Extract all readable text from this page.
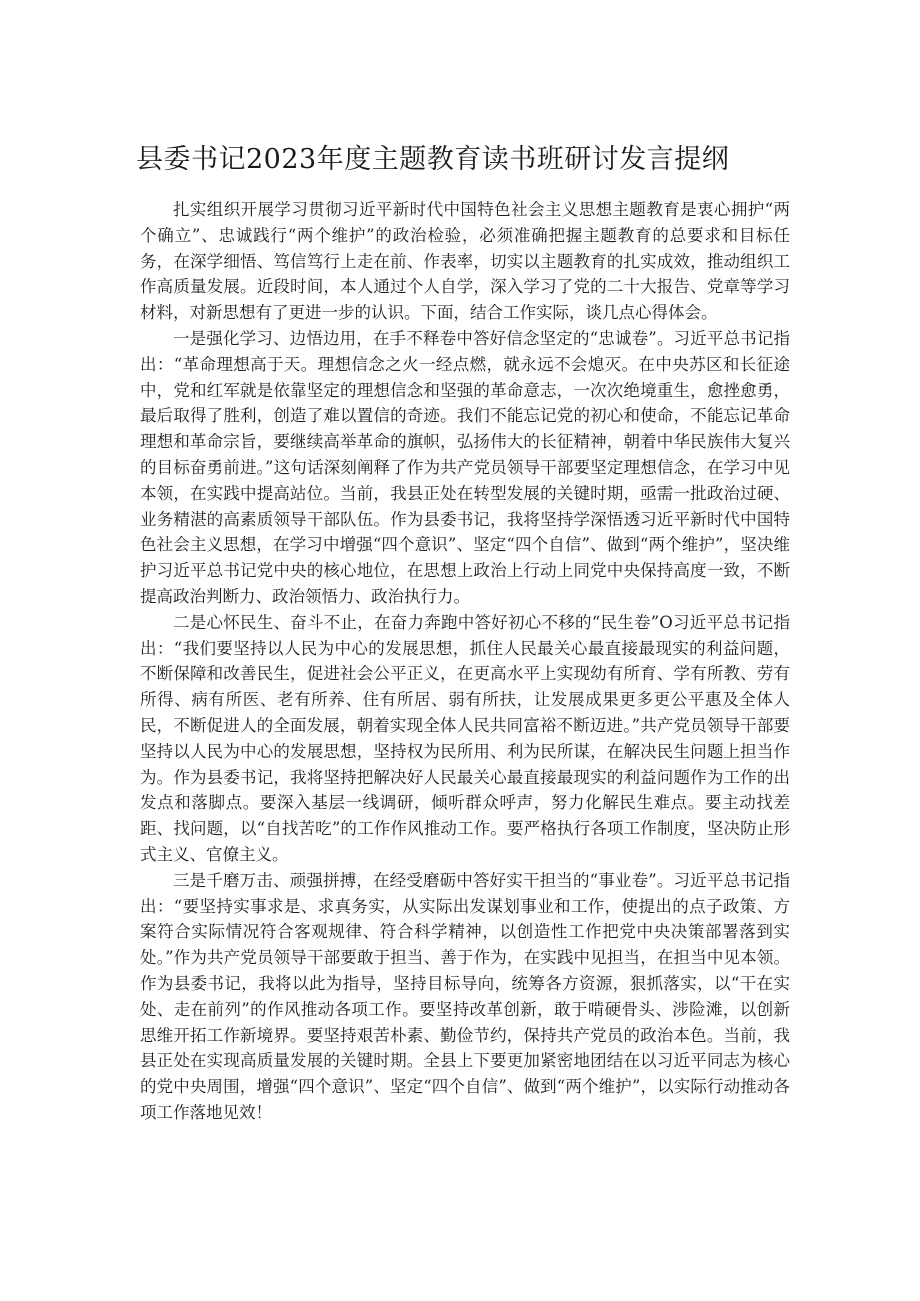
县委书记2023年度主题教育读书班研讨发言提纲

扎实组织开展学习贯彻习近平新时代中国特色社会主义思想主题教育是衷心拥护“两个确立”、忠诚践行“两个维护”的政治检验，必须准确把握主题教育的总要求和目标任务，在深学细悟、笃信笃行上走在前、作表率，切实以主题教育的扎实成效，推动组织工作高质量发展。近段时间，本人通过个人自学，深入学习了党的二十大报告、党章等学习材料，对新思想有了更进一步的认识。下面，结合工作实际，谈几点心得体会。

一是强化学习、边悟边用，在手不释卷中答好信念坚定的“忠诚卷”。习近平总书记指出：“革命理想高于天。理想信念之火一经点燃，就永远不会熄灭。在中央苏区和长征途中，党和红军就是依靠坚定的理想信念和坚强的革命意志，一次次绝境重生，愈挫愈勇，最后取得了胜利，创造了难以置信的奇迹。我们不能忘记党的初心和使命，不能忘记革命理想和革命宗旨，要继续高举革命的旗帜，弘扬伟大的长征精神，朝着中华民族伟大复兴的目标奋勇前进。”这句话深刻阐释了作为共产党员领导干部要坚定理想信念，在学习中见本领，在实践中提高站位。当前，我县正处在转型发展的关键时期，亟需一批政治过硬、业务精湛的高素质领导干部队伍。作为县委书记，我将坚持学深悟透习近平新时代中国特色社会主义思想，在学习中增强“四个意识”、坚定“四个自信”、做到“两个维护”，坚决维护习近平总书记党中央的核心地位，在思想上政治上行动上同党中央保持高度一致，不断提高政治判断力、政治领悟力、政治执行力。

二是心怀民生、奋斗不止，在奋力奔跑中答好初心不移的“民生卷”O习近平总书记指出：“我们要坚持以人民为中心的发展思想，抓住人民最关心最直接最现实的利益问题，不断保障和改善民生，促进社会公平正义，在更高水平上实现幼有所育、学有所教、劳有所得、病有所医、老有所养、住有所居、弱有所扶，让发展成果更多更公平惠及全体人民，不断促进人的全面发展，朝着实现全体人民共同富裕不断迈进。”共产党员领导干部要坚持以人民为中心的发展思想，坚持权为民所用、利为民所谋，在解决民生问题上担当作为。作为县委书记，我将坚持把解决好人民最关心最直接最现实的利益问题作为工作的出发点和落脚点。要深入基层一线调研，倾听群众呼声，努力化解民生难点。要主动找差距、找问题，以“自找苦吃”的工作作风推动工作。要严格执行各项工作制度，坚决防止形式主义、官僚主义。

三是千磨万击、顽强拼搏，在经受磨砺中答好实干担当的“事业卷”。习近平总书记指出：“要坚持实事求是、求真务实，从实际出发谋划事业和工作，使提出的点子政策、方案符合实际情况符合客观规律、符合科学精神，以创造性工作把党中央决策部署落到实处。”作为共产党员领导干部要敢于担当、善于作为，在实践中见担当，在担当中见本领。作为县委书记，我将以此为指导，坚持目标导向，统筹各方资源，狠抓落实，以“干在实处、走在前列”的作风推动各项工作。要坚持改革创新，敢于啃硬骨头、涉险滩，以创新思维开拓工作新境界。要坚持艰苦朴素、勤俭节约，保持共产党员的政治本色。当前，我县正处在实现高质量发展的关键时期。全县上下要更加紧密地团结在以习近平同志为核心的党中央周围，增强“四个意识”、坚定“四个自信”、做到“两个维护”，以实际行动推动各项工作落地见效！
